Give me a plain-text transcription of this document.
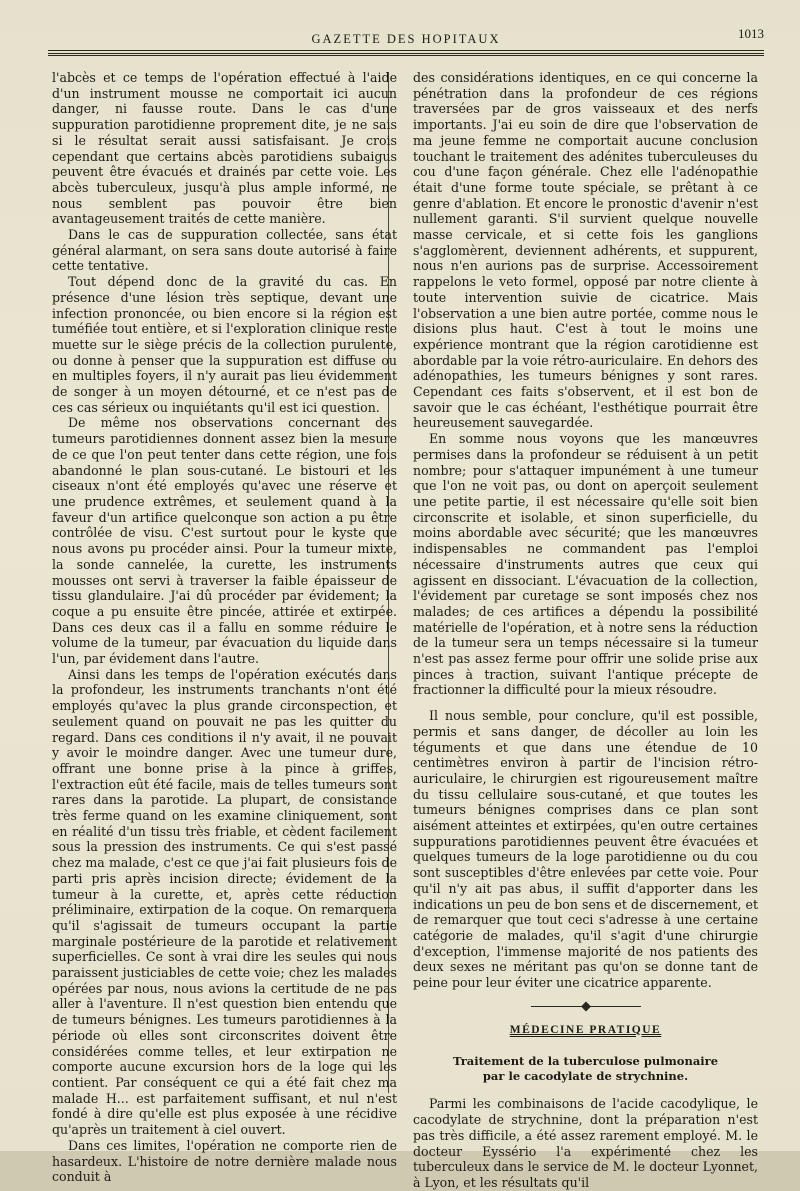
GAZETTE DES HOPITAUX	1013

l'abcès et ce temps de l'opération effectué à l'aide d'un instrument mousse ne comportait ici aucun danger, ni fausse route. Dans le cas d'une suppuration parotidienne proprement dite, je ne sais si le résultat serait aussi satisfaisant. Je crois cependant que certains abcès parotidiens subaigus peuvent être évacués et drainés par cette voie. Les abcès tuberculeux, jusqu'à plus ample informé, ne nous semblent pas pouvoir être bien avantageusement traités de cette manière.

Dans le cas de suppuration collectée, sans état général alarmant, on sera sans doute autorisé à faire cette tentative.

Tout dépend donc de la gravité du cas. En présence d'une lésion très septique, devant une infection prononcée, ou bien encore si la région est tuméfiée tout entière, et si l'exploration clinique reste muette sur le siège précis de la collection purulente, ou donne à penser que la suppuration est diffuse ou en multiples foyers, il n'y aurait pas lieu évidemment de songer à un moyen détourné, et ce n'est pas de ces cas sérieux ou inquiétants qu'il est ici question.

De même nos observations concernant des tumeurs parotidiennes donnent assez bien la mesure de ce que l'on peut tenter dans cette région, une fois abandonné le plan sous-cutané. Le bistouri et les ciseaux n'ont été employés qu'avec une réserve et une prudence extrêmes, et seulement quand à la faveur d'un artifice quelconque son action a pu être contrôlée de visu. C'est surtout pour le kyste que nous avons pu procéder ainsi. Pour la tumeur mixte, la sonde cannelée, la curette, les instruments mousses ont servi à traverser la faible épaisseur de tissu glandulaire. J'ai dû procéder par évidement; la coque a pu ensuite être pincée, attirée et extirpée. Dans ces deux cas il a fallu en somme réduire le volume de la tumeur, par évacuation du liquide dans l'un, par évidement dans l'autre.

Ainsi dans les temps de l'opération exécutés dans la profondeur, les instruments tranchants n'ont été employés qu'avec la plus grande circonspection, et seulement quand on pouvait ne pas les quitter du regard. Dans ces conditions il n'y avait, il ne pouvait y avoir le moindre danger. Avec une tumeur dure, offrant une bonne prise à la pince à griffes, l'extraction eût été facile, mais de telles tumeurs sont rares dans la parotide. La plupart, de consistance très ferme quand on les examine cliniquement, sont en réalité d'un tissu très friable, et cèdent facilement sous la pression des instruments. Ce qui s'est passé chez ma malade, c'est ce que j'ai fait plusieurs fois de parti pris après incision directe; évidement de la tumeur à la curette, et, après cette réduction préliminaire, extirpation de la coque. On remarquera qu'il s'agissait de tumeurs occupant la partie marginale postérieure de la parotide et relativement superficielles. Ce sont à vrai dire les seules qui nous paraissent justiciables de cette voie; chez les malades opérées par nous, nous avions la certitude de ne pas aller à l'aventure. Il n'est question bien entendu que de tumeurs bénignes. Les tumeurs parotidiennes à la période où elles sont circonscrites doivent être considérées comme telles, et leur extirpation ne comporte aucune excursion hors de la loge qui les contient. Par conséquent ce qui a été fait chez ma malade H... est parfaitement suffisant, et nul n'est fondé à dire qu'elle est plus exposée à une récidive qu'après un traitement à ciel ouvert.

Dans ces limites, l'opération ne comporte rien de hasardeux. L'histoire de notre dernière malade nous conduit à

des considérations identiques, en ce qui concerne la pénétration dans la profondeur de ces régions traversées par de gros vaisseaux et des nerfs importants. J'ai eu soin de dire que l'observation de ma jeune femme ne comportait aucune conclusion touchant le traitement des adénites tuberculeuses du cou d'une façon générale. Chez elle l'adénopathie était d'une forme toute spéciale, se prêtant à ce genre d'ablation. Et encore le pronostic d'avenir n'est nullement garanti. S'il survient quelque nouvelle masse cervicale, et si cette fois les ganglions s'agglomèrent, deviennent adhérents, et suppurent, nous n'en aurions pas de surprise. Accessoirement rappelons le veto formel, opposé par notre cliente à toute intervention suivie de cicatrice. Mais l'observation a une bien autre portée, comme nous le disions plus haut. C'est à tout le moins une expérience montrant que la région carotidienne est abordable par la voie rétro-auriculaire. En dehors des adénopathies, les tumeurs bénignes y sont rares. Cependant ces faits s'observent, et il est bon de savoir que le cas échéant, l'esthétique pourrait être heureusement sauvegardée.

En somme nous voyons que les manœuvres permises dans la profondeur se réduisent à un petit nombre; pour s'attaquer impunément à une tumeur que l'on ne voit pas, ou dont on aperçoit seulement une petite partie, il est nécessaire qu'elle soit bien circonscrite et isolable, et sinon superficielle, du moins abordable avec sécurité; que les manœuvres indispensables ne commandent pas l'emploi nécessaire d'instruments autres que ceux qui agissent en dissociant. L'évacuation de la collection, l'évidement par curetage se sont imposés chez nos malades; de ces artifices a dépendu la possibilité matérielle de l'opération, et à notre sens la réduction de la tumeur sera un temps nécessaire si la tumeur n'est pas assez ferme pour offrir une solide prise aux pinces à traction, suivant l'antique précepte de fractionner la difficulté pour la mieux résoudre.

Il nous semble, pour conclure, qu'il est possible, permis et sans danger, de décoller au loin les téguments et que dans une étendue de 10 centimètres environ à partir de l'incision rétro-auriculaire, le chirurgien est rigoureusement maître du tissu cellulaire sous-cutané, et que toutes les tumeurs bénignes comprises dans ce plan sont aisément atteintes et extirpées, qu'en outre certaines suppurations parotidiennes peuvent être évacuées et quelques tumeurs de la loge parotidienne ou du cou sont susceptibles d'être enlevées par cette voie. Pour qu'il n'y ait pas abus, il suffit d'apporter dans les indications un peu de bon sens et de discernement, et de remarquer que tout ceci s'adresse à une certaine catégorie de malades, qu'il s'agit d'une chirurgie d'exception, l'immense majorité de nos patients des deux sexes ne méritant pas qu'on se donne tant de peine pour leur éviter une cicatrice apparente.

MÉDECINE PRATIQUE
Traitement de la tuberculose pulmonaire
par le cacodylate de strychnine.

Parmi les combinaisons de l'acide cacodylique, le cacodylate de strychnine, dont la préparation n'est pas très difficile, a été assez rarement employé. M. le docteur Eyssério l'a expérimenté chez les tuberculeux dans le service de M. le docteur Lyonnet, à Lyon, et les résultats qu'il
